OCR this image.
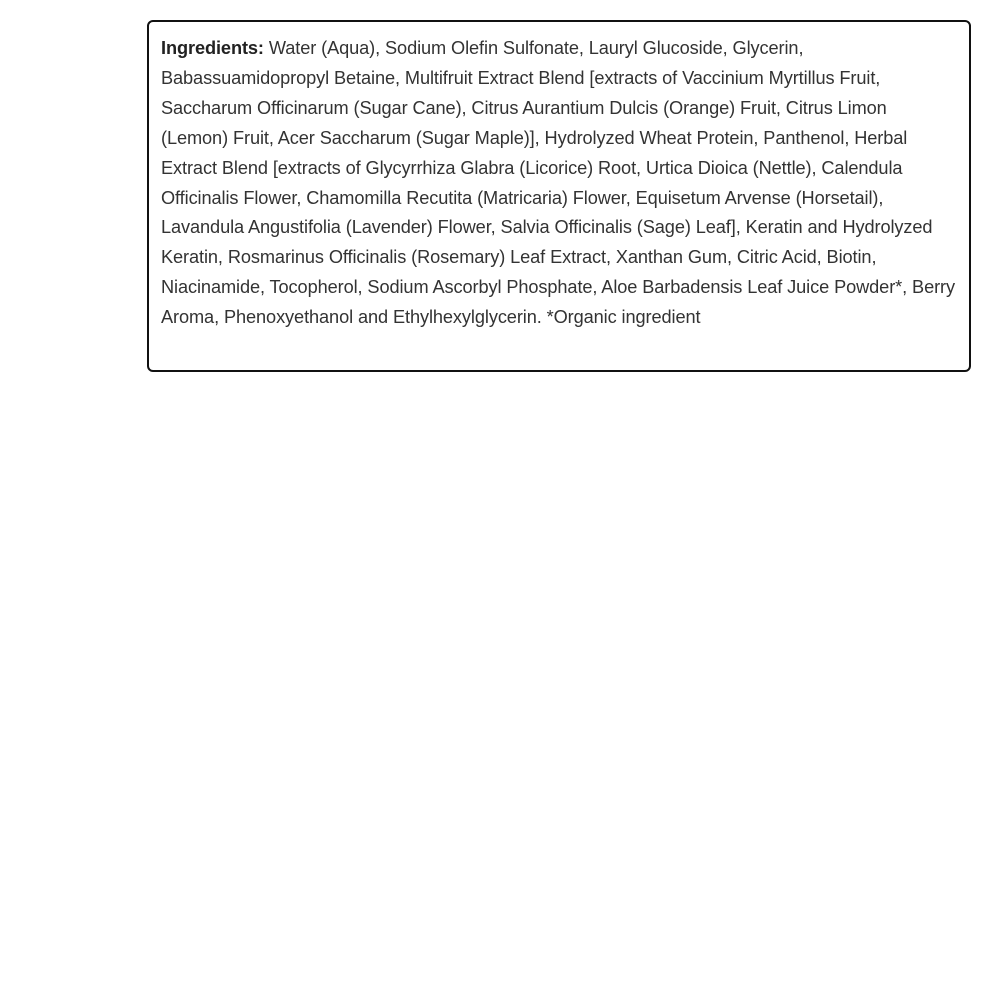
Ingredients: Water (Aqua), Sodium Olefin Sulfonate, Lauryl Glucoside, Glycerin, Babassuamidopropyl Betaine, Multifruit Extract Blend [extracts of Vaccinium Myrtillus Fruit, Saccharum Officinarum (Sugar Cane), Citrus Aurantium Dulcis (Orange) Fruit, Citrus Limon (Lemon) Fruit, Acer Saccharum (Sugar Maple)], Hydrolyzed Wheat Protein, Panthenol, Herbal Extract Blend [extracts of Glycyrrhiza Glabra (Licorice) Root, Urtica Dioica (Nettle), Calendula Officinalis Flower, Chamomilla Recutita (Matricaria) Flower, Equisetum Arvense (Horsetail), Lavandula Angustifolia (Lavender) Flower, Salvia Officinalis (Sage) Leaf], Keratin and Hydrolyzed Keratin, Rosmarinus Officinalis (Rosemary) Leaf Extract, Xanthan Gum, Citric Acid, Biotin, Niacinamide, Tocopherol, Sodium Ascorbyl Phosphate, Aloe Barbadensis Leaf Juice Powder*, Berry Aroma, Phenoxyethanol and Ethylhexylglycerin. *Organic ingredient
